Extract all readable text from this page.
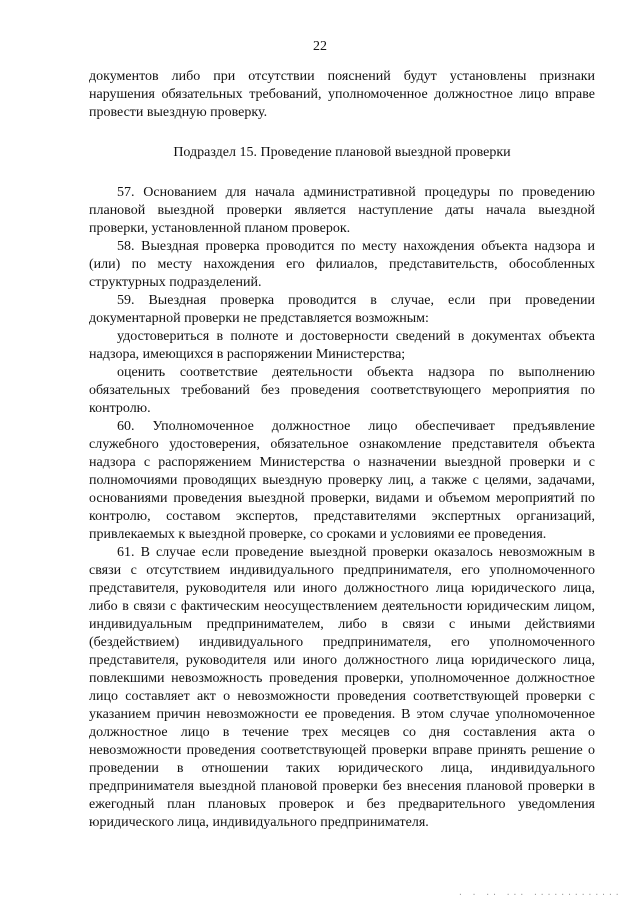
22

документов либо при отсутствии пояснений будут установлены признаки нарушения обязательных требований, уполномоченное должностное лицо вправе провести выездную проверку.

Подраздел 15. Проведение плановой выездной проверки

57. Основанием для начала административной процедуры по проведению плановой выездной проверки является наступление даты начала выездной проверки, установленной планом проверок.

58. Выездная проверка проводится по месту нахождения объекта надзора и (или) по месту нахождения его филиалов, представительств, обособленных структурных подразделений.

59. Выездная проверка проводится в случае, если при проведении документарной проверки не представляется возможным:

удостовериться в полноте и достоверности сведений в документах объекта надзора, имеющихся в распоряжении Министерства;

оценить соответствие деятельности объекта надзора по выполнению обязательных требований без проведения соответствующего мероприятия по контролю.

60. Уполномоченное должностное лицо обеспечивает предъявление служебного удостоверения, обязательное ознакомление представителя объекта надзора с распоряжением Министерства о назначении выездной проверки и с полномочиями проводящих выездную проверку лиц, а также с целями, задачами, основаниями проведения выездной проверки, видами и объемом мероприятий по контролю, составом экспертов, представителями экспертных организаций, привлекаемых к выездной проверке, со сроками и условиями ее проведения.

61. В случае если проведение выездной проверки оказалось невозможным в связи с отсутствием индивидуального предпринимателя, его уполномоченного представителя, руководителя или иного должностного лица юридического лица, либо в связи с фактическим неосуществлением деятельности юридическим лицом, индивидуальным предпринимателем, либо в связи с иными действиями (бездействием) индивидуального предпринимателя, его уполномоченного представителя, руководителя или иного должностного лица юридического лица, повлекшими невозможность проведения проверки, уполномоченное должностное лицо составляет акт о невозможности проведения соответствующей проверки с указанием причин невозможности ее проведения. В этом случае уполномоченное должностное лицо в течение трех месяцев со дня составления акта о невозможности проведения соответствующей проверки вправе принять решение о проведении в отношении таких юридического лица, индивидуального предпринимателя выездной плановой проверки без внесения плановой проверки в ежегодный план плановых проверок и без предварительного уведомления юридического лица, индивидуального предпринимателя.

· · ·· ··· ·············
